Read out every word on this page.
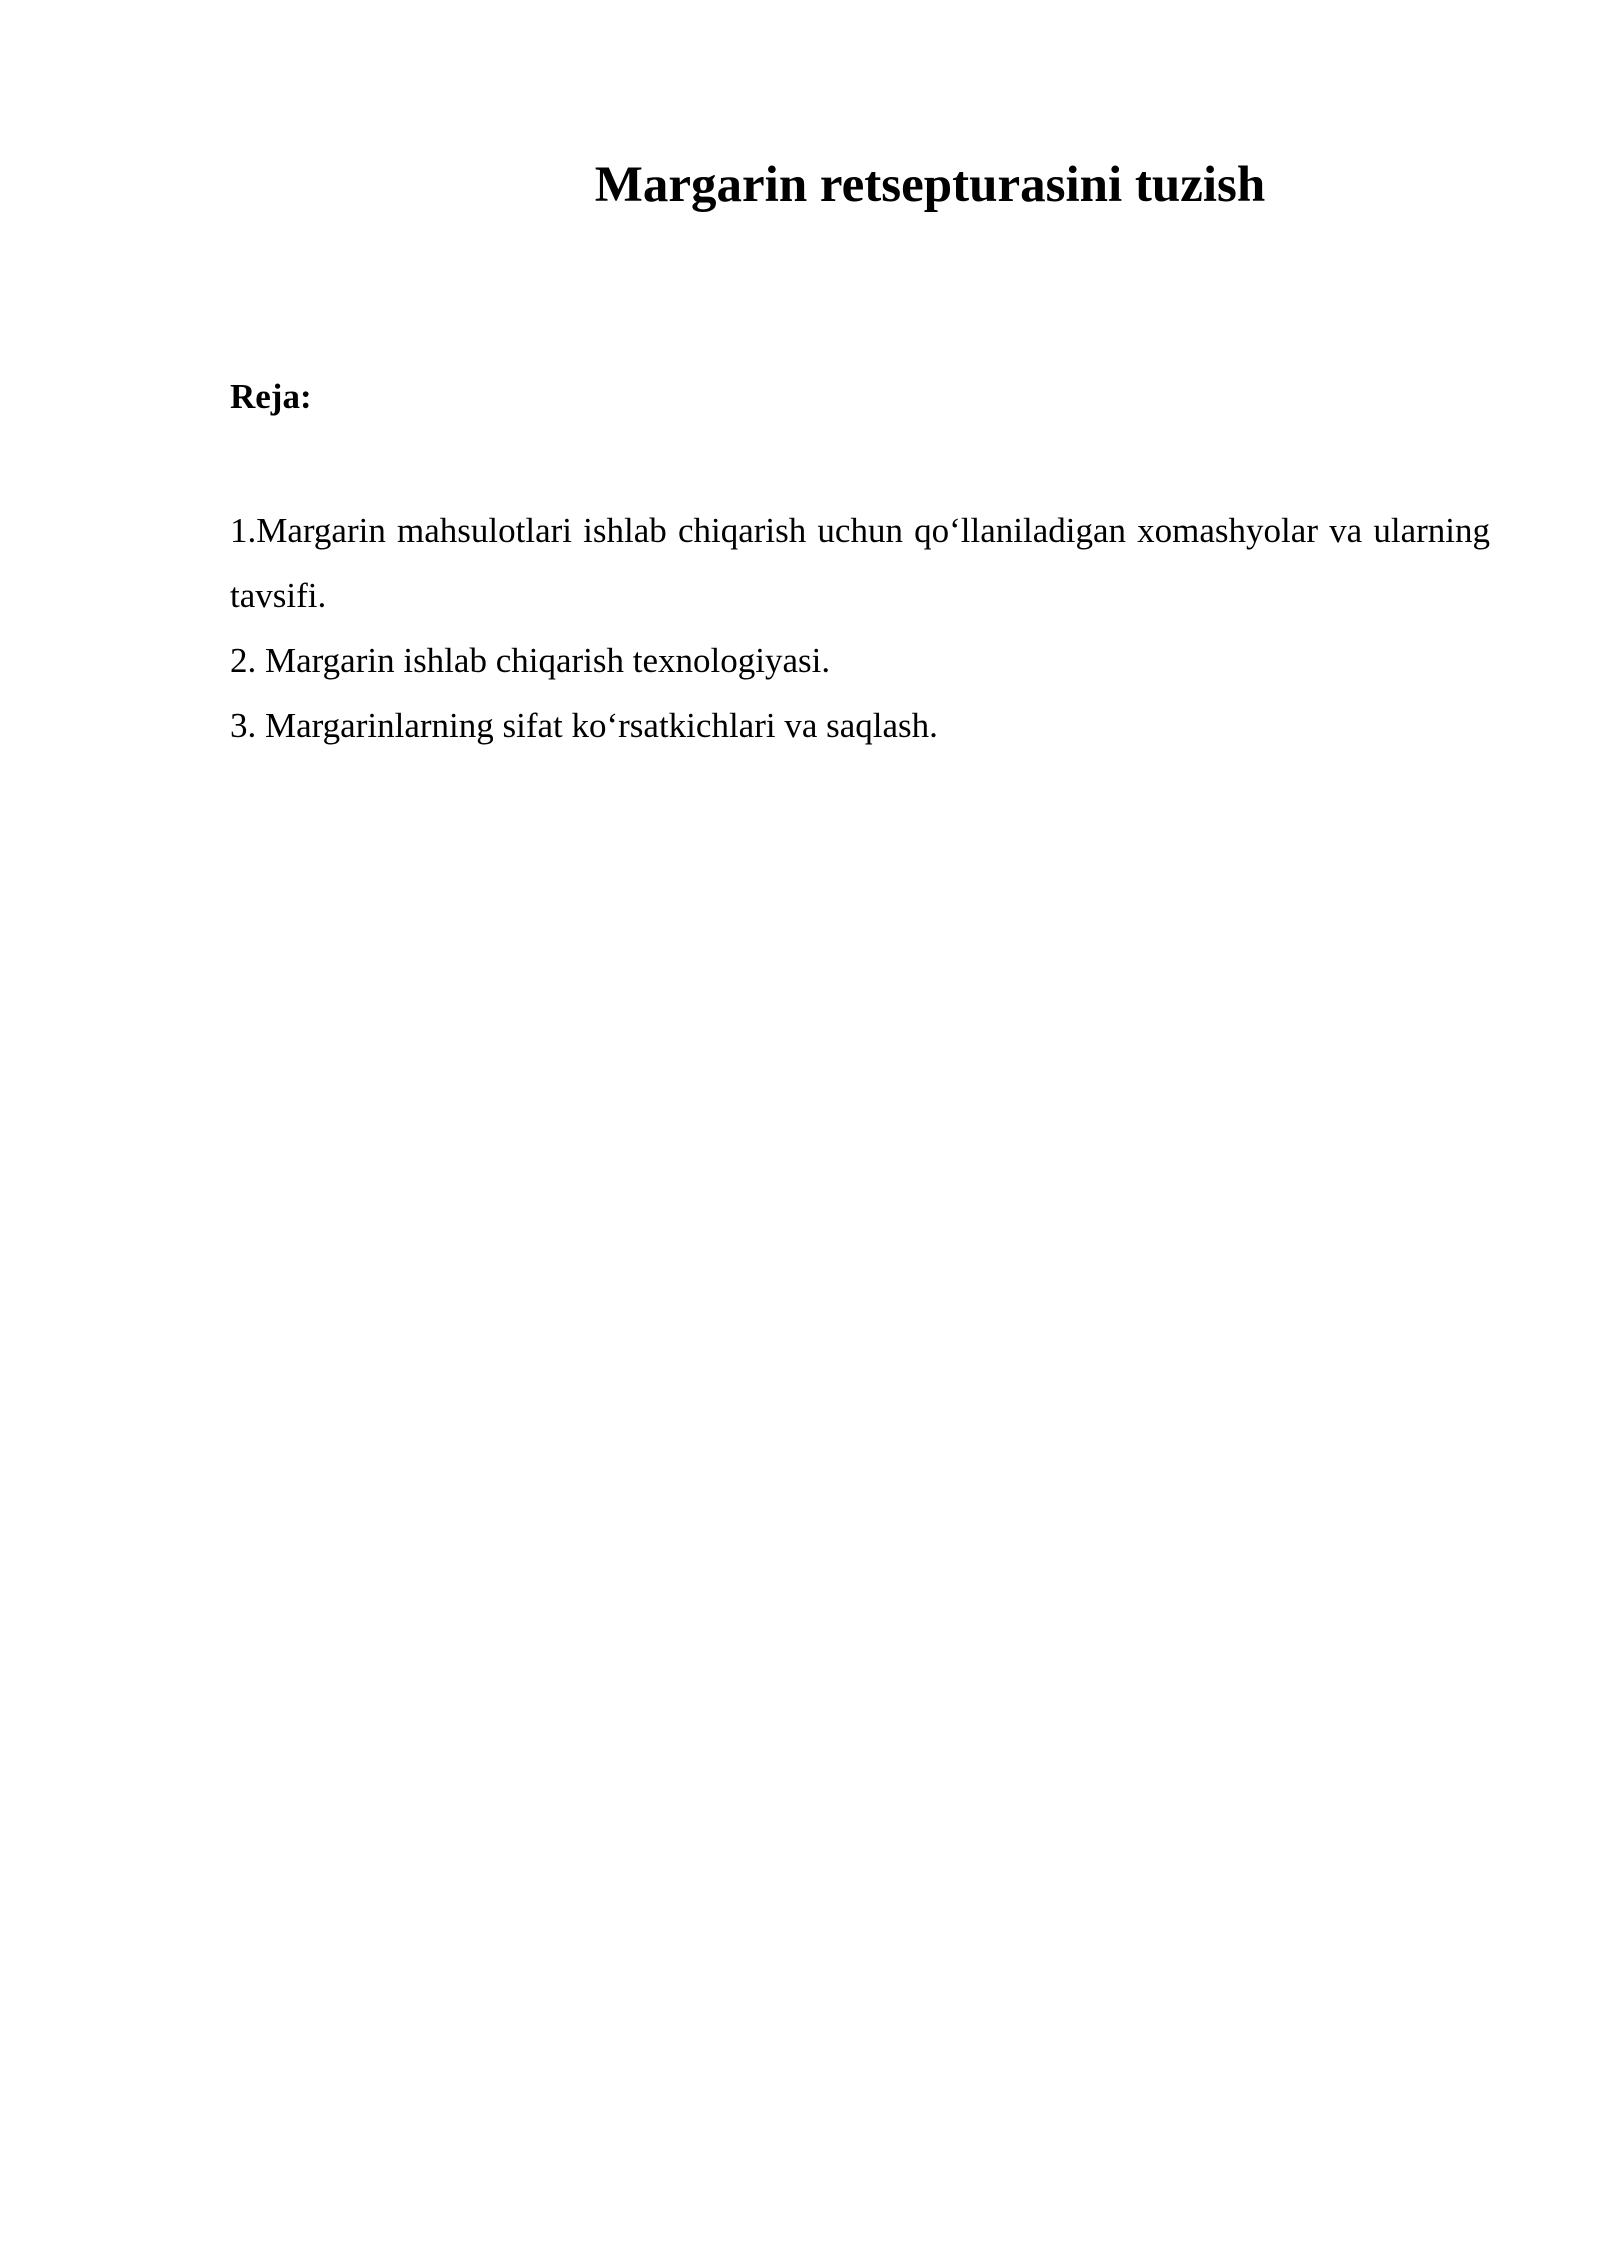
Margarin retsepturasini tuzish
Reja:
1.Margarin mahsulotlari ishlab chiqarish uchun qo‘llaniladigan xomashyolar va ularning tavsifi.
2. Margarin ishlab chiqarish texnologiyasi.
3. Margarinlarning sifat ko‘rsatkichlari va saqlash.
